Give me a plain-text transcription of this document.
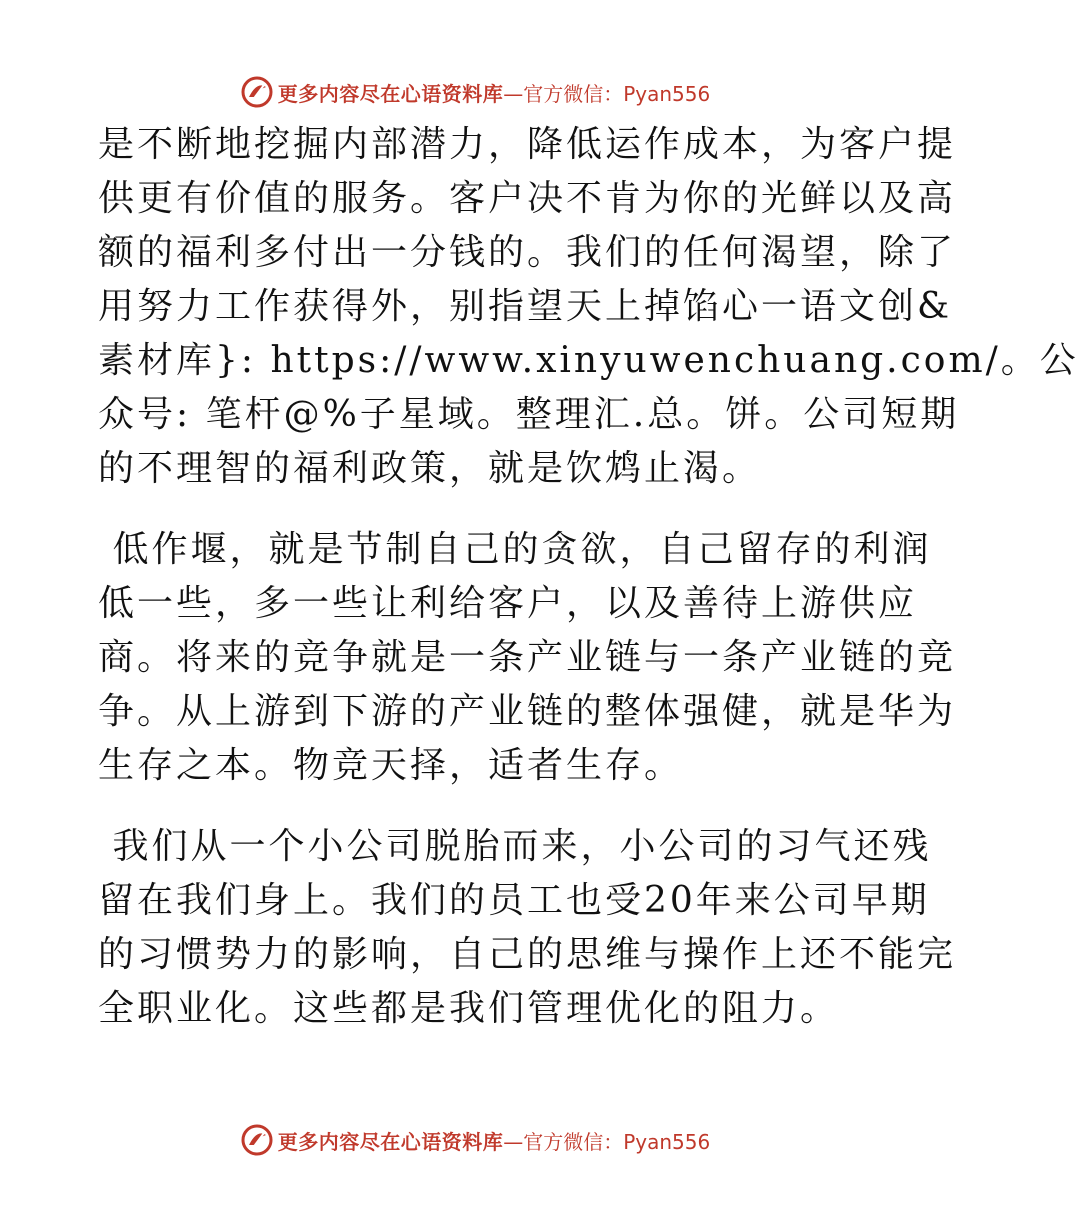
更多内容尽在心语资料库 —官方微信：Pyan556

是不断地挖掘内部潜力，降低运作成本，为客户提
供更有价值的服务。客户决不肯为你的光鲜以及高
额的福利多付出一分钱的。我们的任何渴望，除了
用努力工作获得外，别指望天上掉馅心一语文创&
素材库}: https://www.xinyuwenchuang.com/。公
众号: 笔杆@%子星域。整理汇.总。饼。公司短期
的不理智的福利政策，就是饮鸩止渴。

低作堰，就是节制自己的贪欲，自己留存的利润
低一些，多一些让利给客户，以及善待上游供应
商。将来的竞争就是一条产业链与一条产业链的竞
争。从上游到下游的产业链的整体强健，就是华为
生存之本。物竞天择，适者生存。

我们从一个小公司脱胎而来，小公司的习气还残
留在我们身上。我们的员工也受20年来公司早期
的习惯势力的影响，自己的思维与操作上还不能完
全职业化。这些都是我们管理优化的阻力。

更多内容尽在心语资料库 —官方微信：Pyan556
